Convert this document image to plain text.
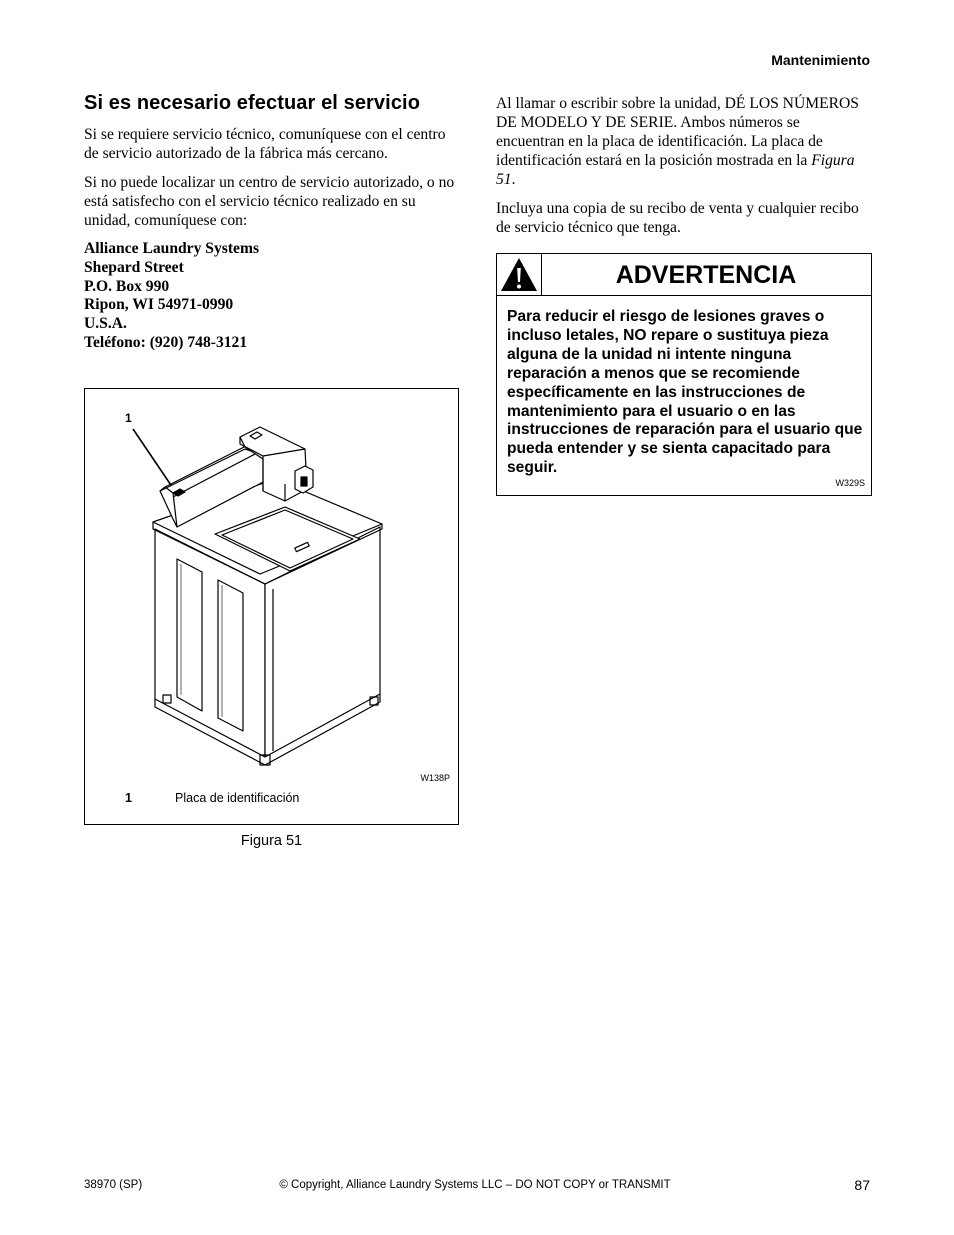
Mantenimiento
Si es necesario efectuar el servicio

Si se requiere servicio técnico, comuníquese con el centro de servicio autorizado de la fábrica más cercano.

Si no puede localizar un centro de servicio autorizado, o no está satisfecho con el servicio técnico realizado en su unidad, comuníquese con:

Alliance Laundry Systems
Shepard Street
P.O. Box 990
Ripon, WI 54971-0990
U.S.A.
Teléfono: (920) 748-3121
1
W138P
1	Placa de identificación
Figura 51

Al llamar o escribir sobre la unidad, DÉ LOS NÚMEROS DE MODELO Y DE SERIE. Ambos números se encuentran en la placa de identificación. La placa de identificación estará en la posición mostrada en la Figura 51.

Incluya una copia de su recibo de venta y cualquier recibo de servicio técnico que tenga.

ADVERTENCIA
Para reducir el riesgo de lesiones graves o incluso letales, NO repare o sustituya pieza alguna de la unidad ni intente ninguna reparación a menos que se recomiende específicamente en las instrucciones de mantenimiento para el usuario o en las instrucciones de reparación para el usuario que pueda entender y se sienta capacitado para seguir.
W329S
38970 (SP)	© Copyright, Alliance Laundry Systems LLC – DO NOT COPY or TRANSMIT	87
